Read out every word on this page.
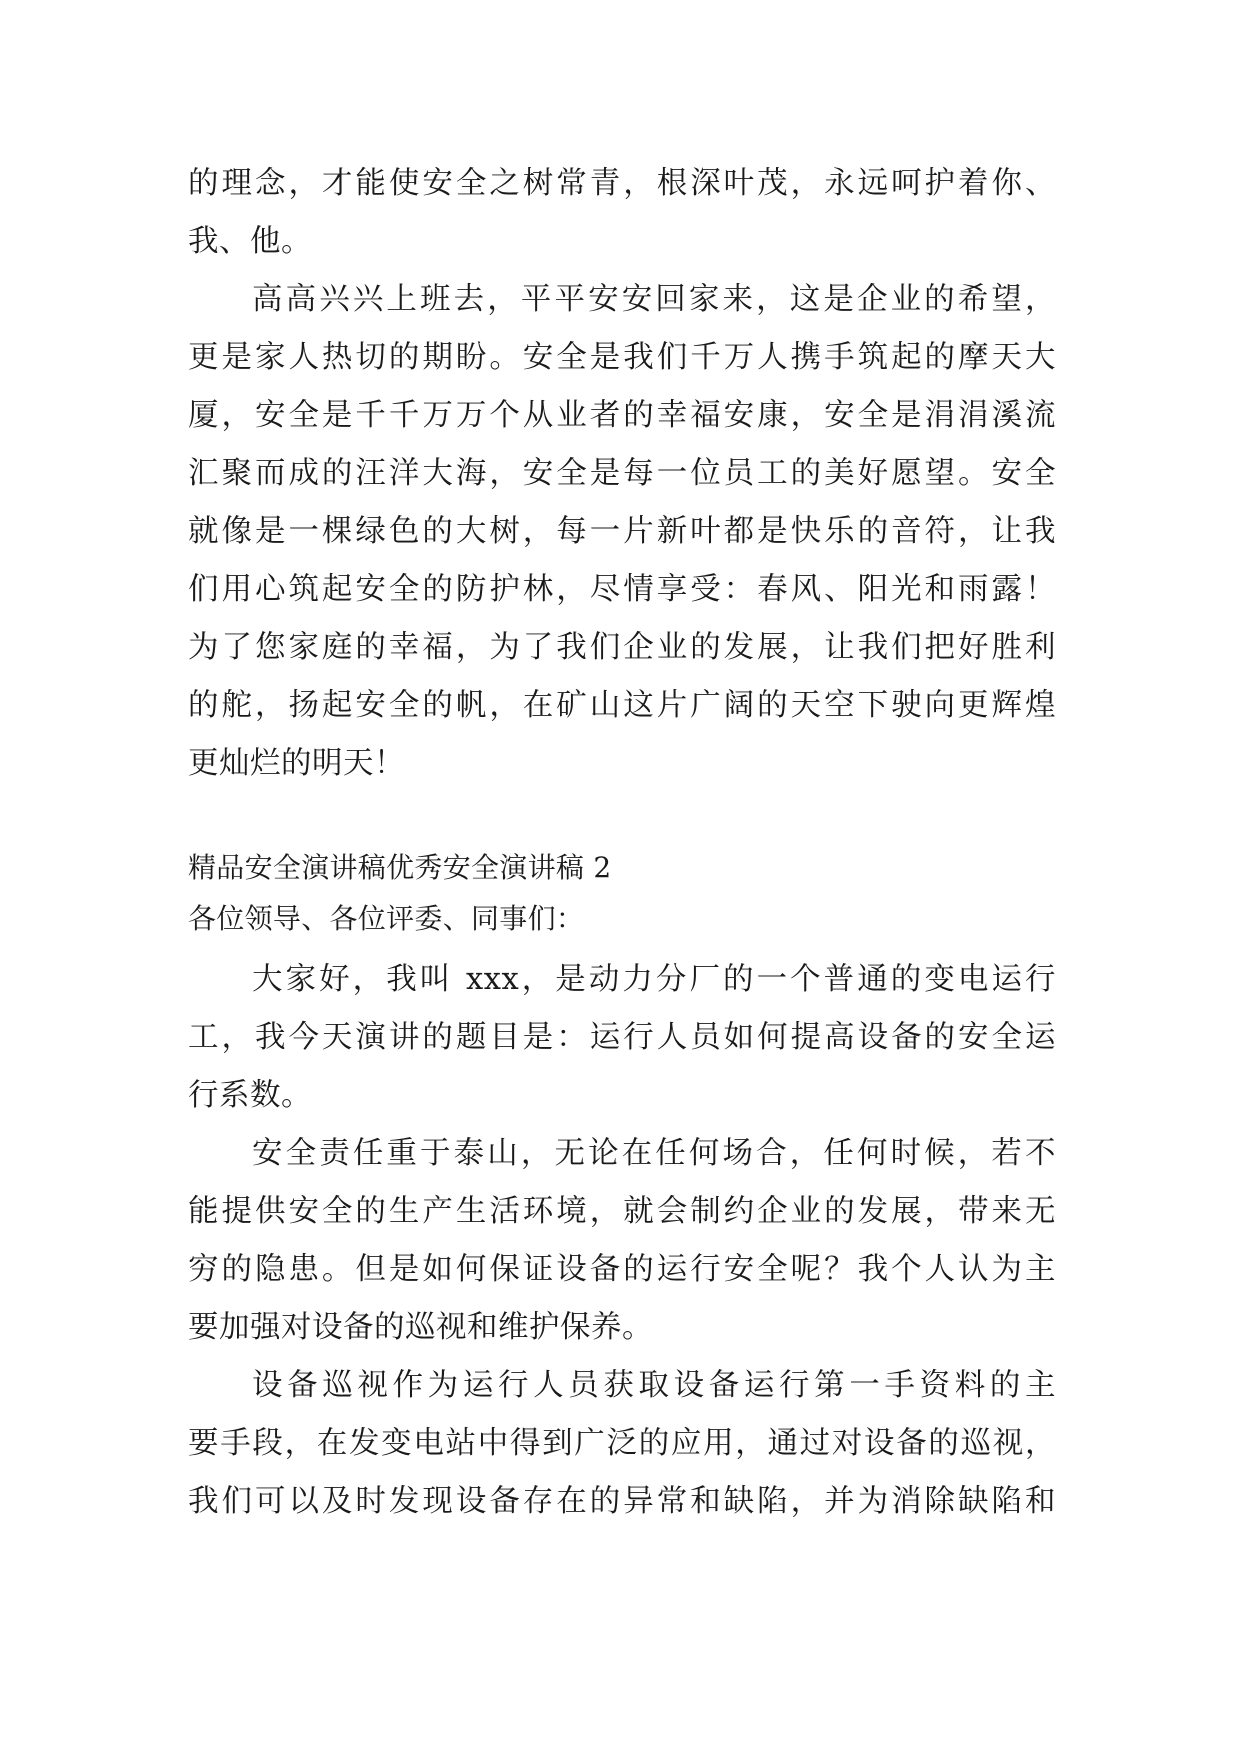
的理念，才能使安全之树常青，根深叶茂，永远呵护着你、
我、他。
高高兴兴上班去，平平安安回家来，这是企业的希望，
更是家人热切的期盼。安全是我们千万人携手筑起的摩天大
厦，安全是千千万万个从业者的幸福安康，安全是涓涓溪流
汇聚而成的汪洋大海，安全是每一位员工的美好愿望。安全
就像是一棵绿色的大树，每一片新叶都是快乐的音符，让我
们用心筑起安全的防护林，尽情享受：春风、阳光和雨露！
为了您家庭的幸福，为了我们企业的发展，让我们把好胜利
的舵，扬起安全的帆，在矿山这片广阔的天空下驶向更辉煌
更灿烂的明天！
精品安全演讲稿优秀安全演讲稿 2
各位领导、各位评委、同事们：
大家好，我叫 xxx，是动力分厂的一个普通的变电运行
工，我今天演讲的题目是：运行人员如何提高设备的安全运
行系数。
安全责任重于泰山，无论在任何场合，任何时候，若不
能提供安全的生产生活环境，就会制约企业的发展，带来无
穷的隐患。但是如何保证设备的运行安全呢？我个人认为主
要加强对设备的巡视和维护保养。
设备巡视作为运行人员获取设备运行第一手资料的主
要手段，在发变电站中得到广泛的应用，通过对设备的巡视，
我们可以及时发现设备存在的异常和缺陷，并为消除缺陷和
